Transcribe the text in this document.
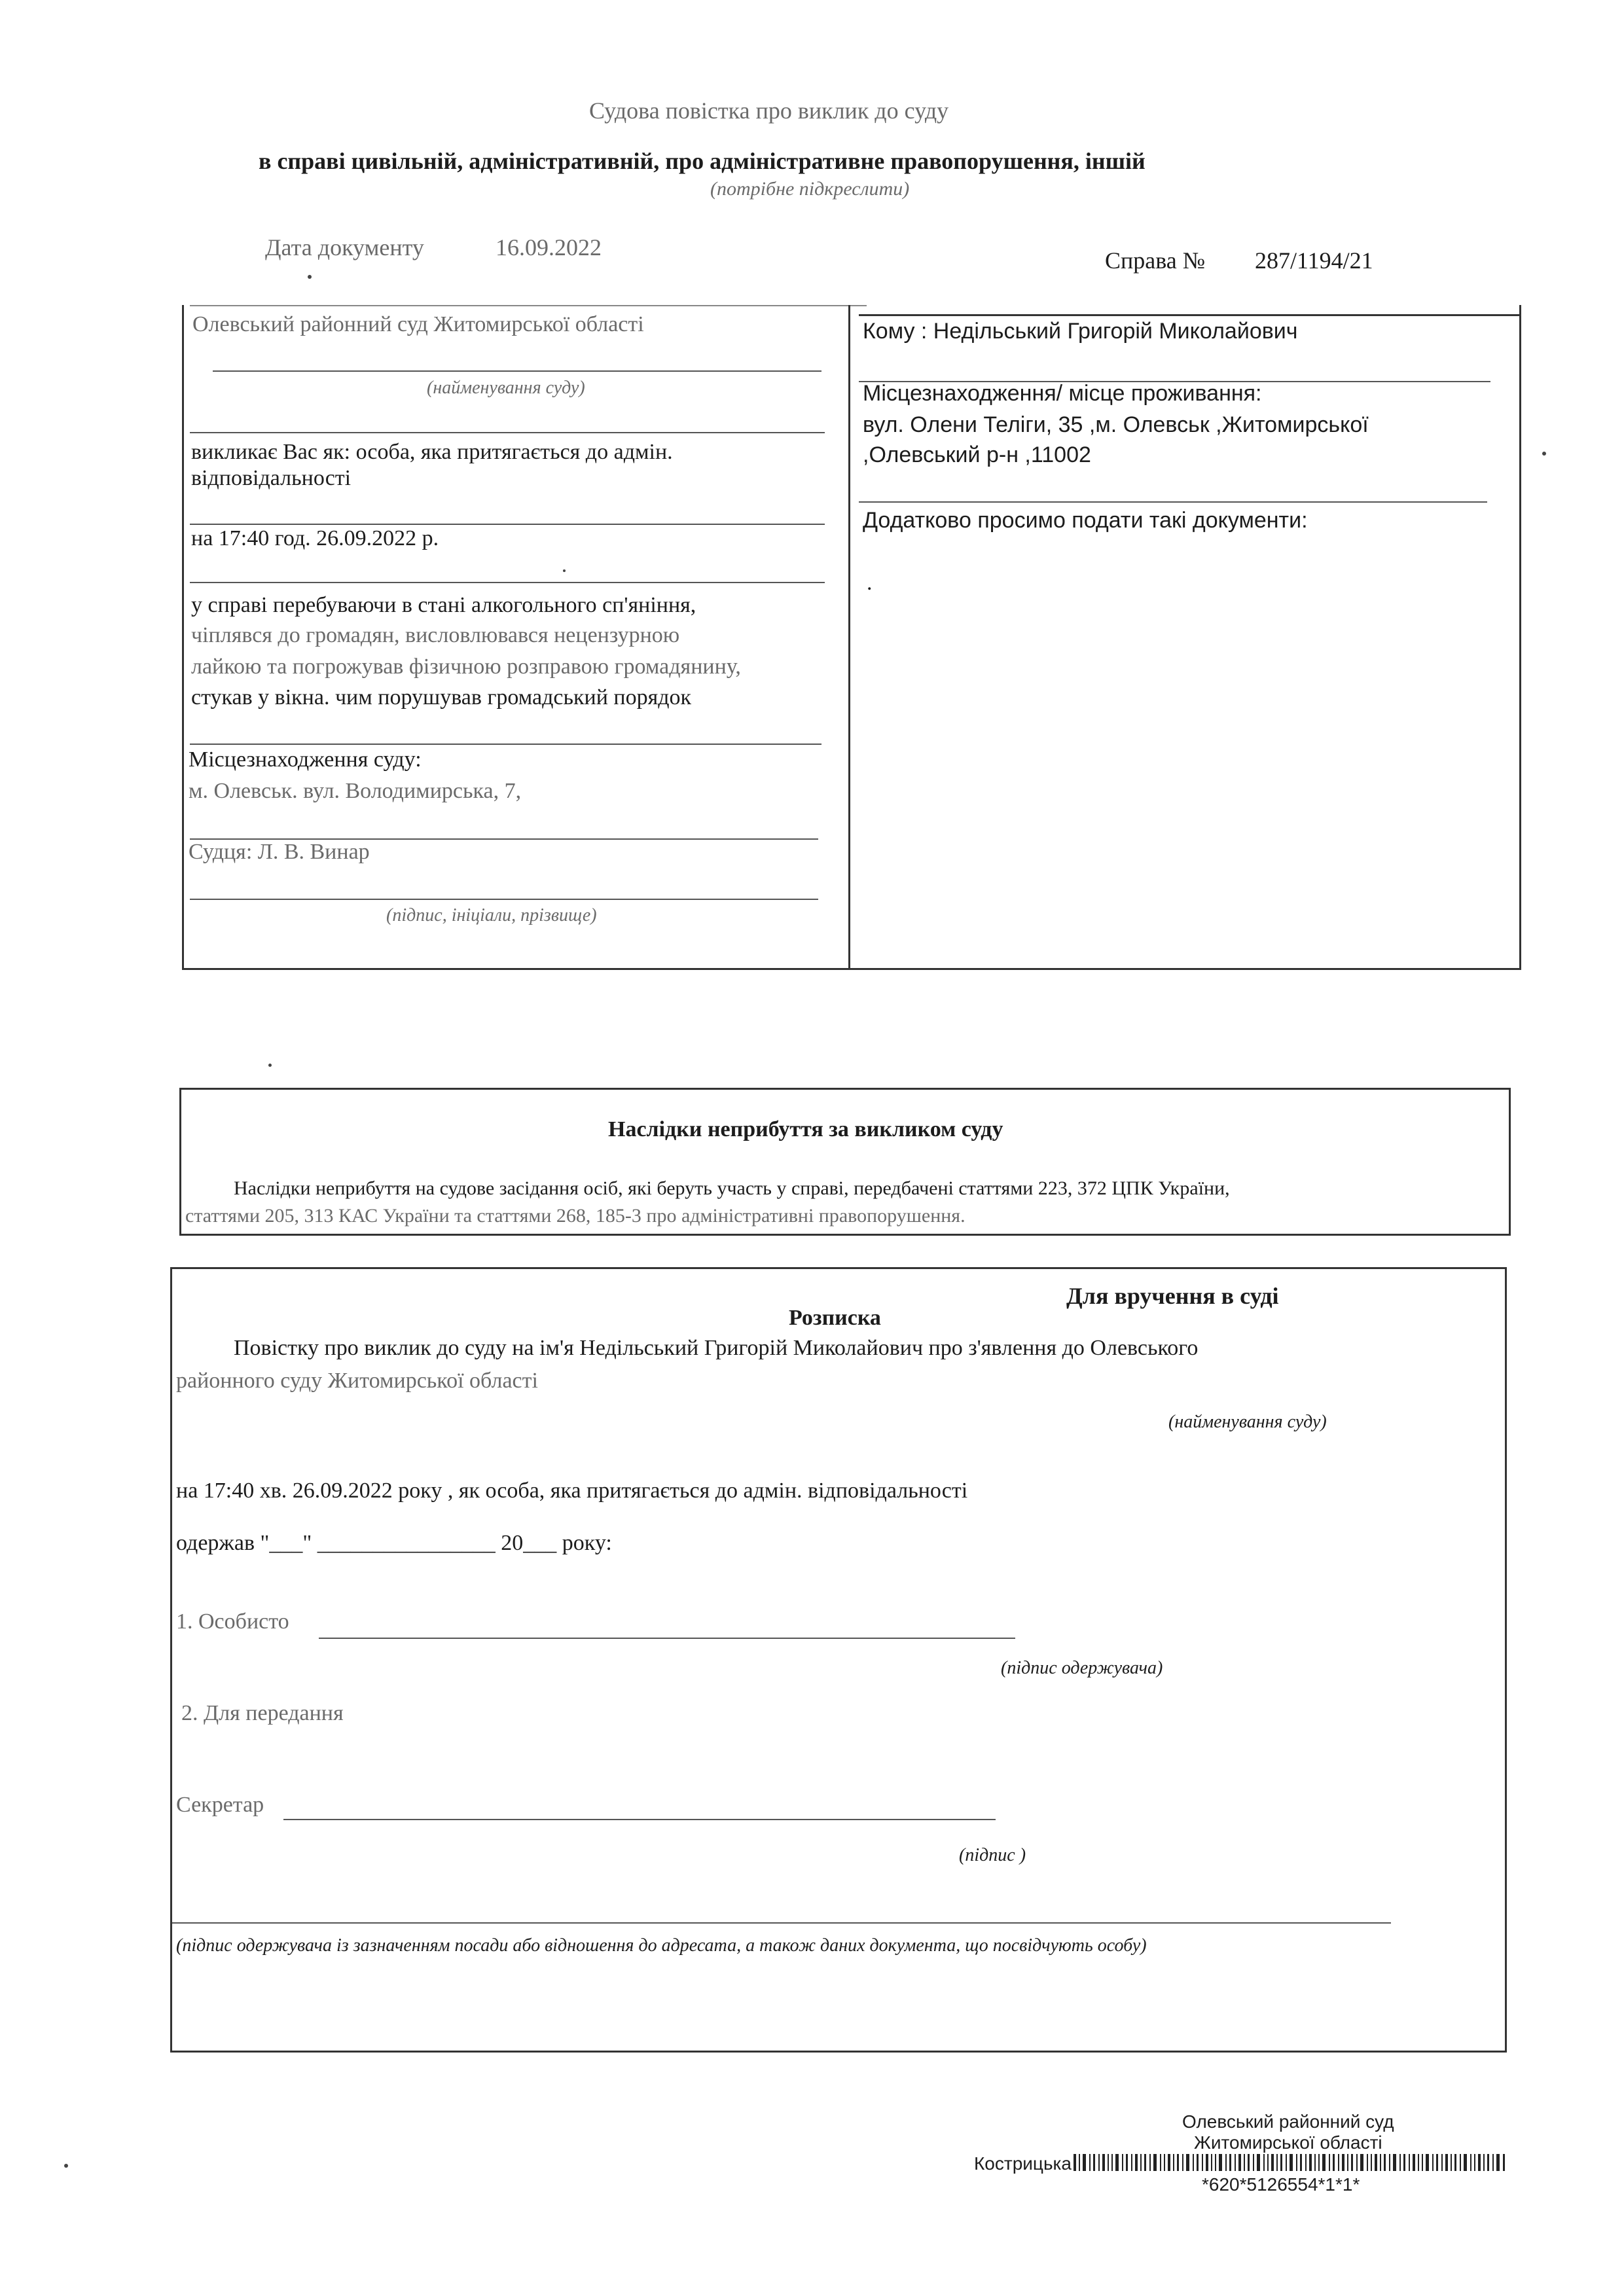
Судова повістка про виклик до суду
в справі цивільній, адміністративній, про адміністративне правопорушення, іншій
(потрібне підкреслити)
Дата документу	16.09.2022	Справа № 287/1194/21
Олевський районний суд Житомирської області
(найменування суду)
викликає Вас як: особа, яка притягається до адмін.
відповідальності
на 17:40 год. 26.09.2022 р.
у справі перебуваючи в стані алкогольного сп'яніння,
чіплявся до громадян, висловлювався нецензурною
лайкою та погрожував фізичною розправою громадянину,
стукав у вікна. чим порушував громадський порядок
Місцезнаходження суду:
м. Олевськ. вул. Володимирська, 7,
Судця: Л. В. Винар
(підпис, ініціали, прізвище)
Кому : Недільський Григорій Миколайович
Місцезнаходження/ місце проживання:
вул. Олени Теліги, 35 ,м. Олевськ ,Житомирської
,Олевський р-н ,11002
Додатково просимо подати такі документи:
.
Наслідки неприбуття за викликом суду
Наслідки неприбуття на судове засідання осіб, які беруть участь у справі, передбачені статтями 223, 372 ЦПК України,
статтями 205, 313 КАС України та статтями 268, 185-3 про адміністративні правопорушення.
Для вручення в суді
Розписка
Повістку про виклик до суду на ім'я Недільський Григорій Миколайович про з'явлення до Олевського
районного суду Житомирської області
(найменування суду)
на 17:40 хв. 26.09.2022 року , як особа, яка притягається до адмін. відповідальності
одержав "___" ________________ 20___ року:
1. Особисто
(підпис одержувача)
2. Для передання
Секретар
(підпис )
(підпис одержувача із зазначенням посади або відношення до адресата, а також даних документа, що посвідчують особу)
Олевський районний суд
Житомирської області
Кострицька
*620*5126554*1*1*
